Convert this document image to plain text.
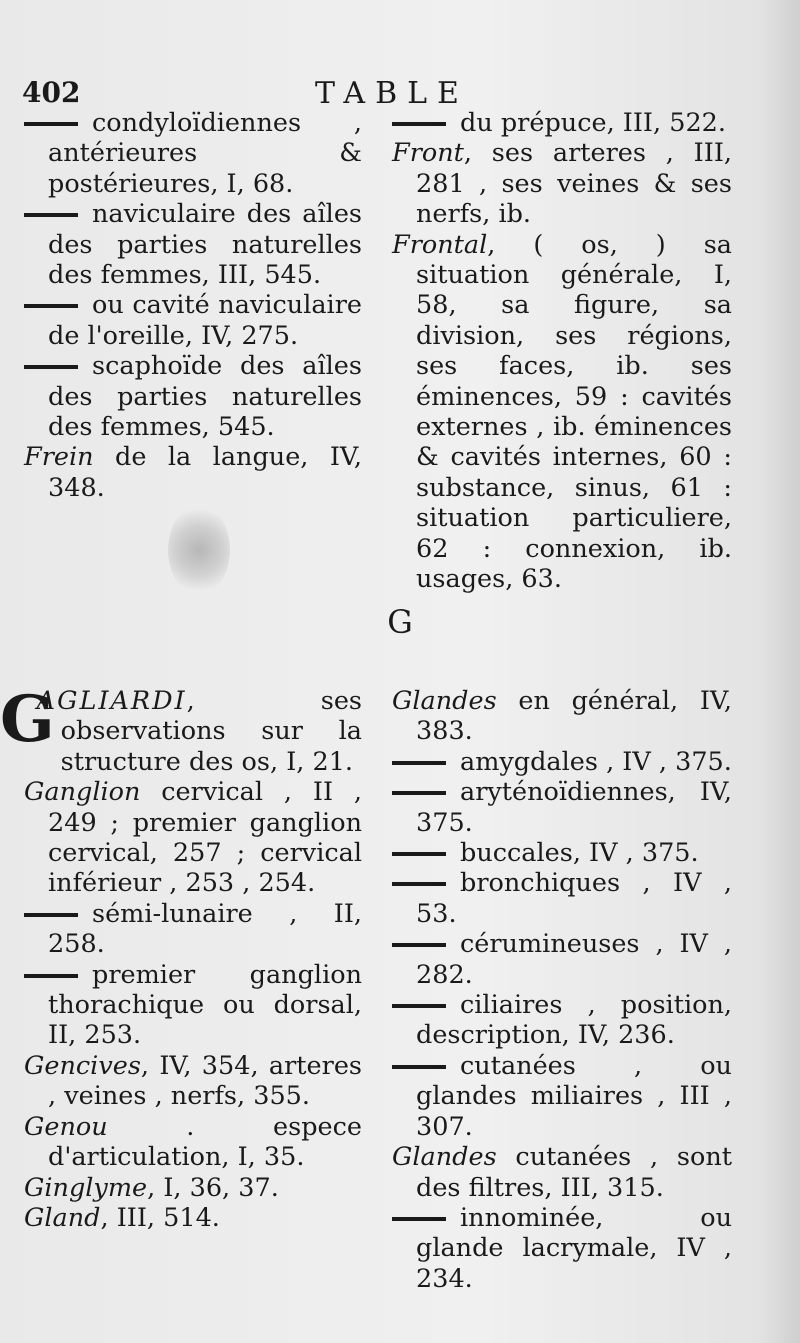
402	TABLE
condyloïdiennes , antérieures & postérieures, I, 68.
naviculaire des aîles des parties naturelles des femmes, III, 545.
ou cavité naviculaire de l'oreille, IV, 275.
scaphoïde des aîles des parties naturelles des femmes, 545.
Frein de la langue, IV, 348.
du prépuce, III, 522.
Front, ses arteres , III, 281 , ses veines & ses nerfs, ib.
Frontal, ( os, ) sa situation générale, I, 58, sa figure, sa division, ses régions, ses faces, ib. ses éminences, 59 : cavités externes , ib. éminences & cavités internes, 60 : substance, sinus, 61 : situation particuliere, 62 : connexion, ib. usages, 63.
G
G
AGLIARDI, ses observations sur la structure des os, I, 21.
Ganglion cervical , II , 249 ; premier ganglion cervical, 257 ; cervical inférieur , 253 , 254.
sémi-lunaire , II, 258.
premier ganglion thorachique ou dorsal, II, 253.
Gencives, IV, 354, arteres , veines , nerfs, 355.
Genou . espece d'articulation, I, 35.
Ginglyme, I, 36, 37.
Gland, III, 514.
Glandes en général, IV, 383.
amygdales , IV , 375.
aryténoïdiennes, IV, 375.
buccales, IV , 375.
bronchiques , IV , 53.
cérumineuses , IV , 282.
ciliaires , position, description, IV, 236.
cutanées , ou glandes miliaires , III , 307.
Glandes cutanées , sont des filtres, III, 315.
innominée, ou glande lacrymale, IV , 234.
